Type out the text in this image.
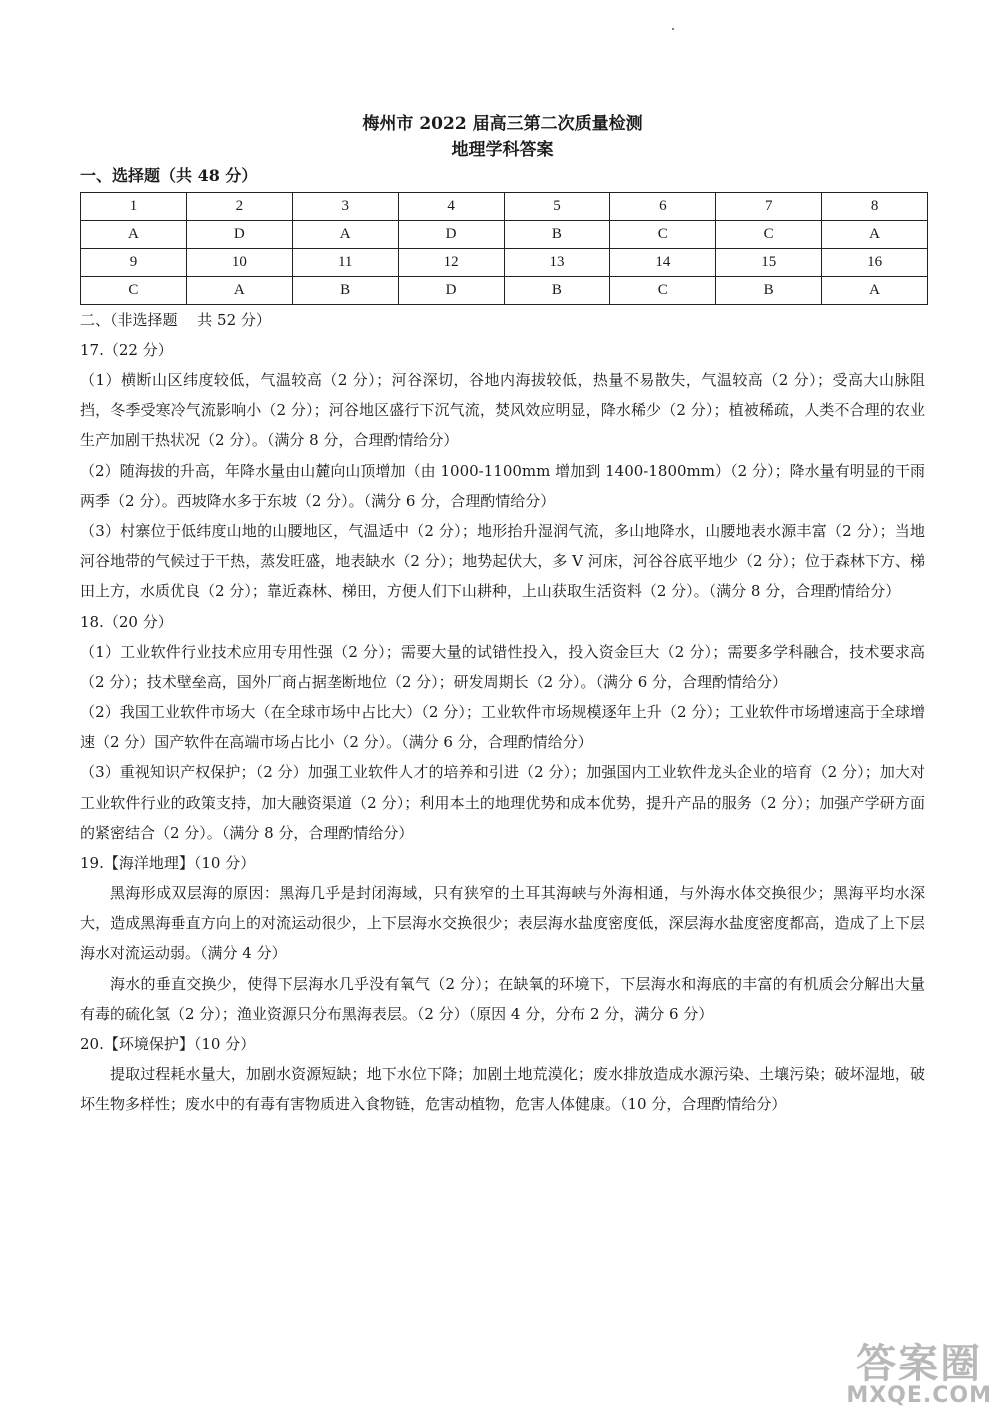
梅州市 2022 届高三第二次质量检测
地理学科答案
一、选择题（共 48 分）
1	2	3	4	5	6	7	8
A	D	A	D	B	C	C	A
9	10	11	12	13	14	15	16
C	A	B	D	B	C	B	A
二、（非选择题　 共 52 分）
17.（22 分）
（1）横断山区纬度较低，气温较高（2 分）；河谷深切，谷地内海拔较低，热量不易散失，气温较高（2 分）；受高大山脉阻挡，冬季受寒冷气流影响小（2 分）；河谷地区盛行下沉气流，焚风效应明显，降水稀少（2 分）；植被稀疏，人类不合理的农业生产加剧干热状况（2 分）。（满分 8 分，合理酌情给分）
（2）随海拔的升高，年降水量由山麓向山顶增加（由 1000-1100mm 增加到 1400-1800mm）（2 分）；降水量有明显的干雨两季（2 分）。西坡降水多于东坡（2 分）。（满分 6 分，合理酌情给分）
（3）村寨位于低纬度山地的山腰地区，气温适中（2 分）；地形抬升湿润气流，多山地降水，山腰地表水源丰富（2 分）；当地河谷地带的气候过于干热，蒸发旺盛，地表缺水（2 分）；地势起伏大，多 V 河床，河谷谷底平地少（2 分）；位于森林下方、梯田上方，水质优良（2 分）；靠近森林、梯田，方便人们下山耕种，上山获取生活资料（2 分）。（满分 8 分，合理酌情给分）
18.（20 分）
（1）工业软件行业技术应用专用性强（2 分）；需要大量的试错性投入，投入资金巨大（2 分）；需要多学科融合，技术要求高（2 分）；技术壁垒高，国外厂商占据垄断地位（2 分）；研发周期长（2 分）。（满分 6 分，合理酌情给分）
（2）我国工业软件市场大（在全球市场中占比大）（2 分）；工业软件市场规模逐年上升（2 分）；工业软件市场增速高于全球增速（2 分）国产软件在高端市场占比小（2 分）。（满分 6 分，合理酌情给分）
（3）重视知识产权保护；（2 分）加强工业软件人才的培养和引进（2 分）；加强国内工业软件龙头企业的培育（2 分）；加大对工业软件行业的政策支持，加大融资渠道（2 分）；利用本土的地理优势和成本优势，提升产品的服务（2 分）；加强产学研方面的紧密结合（2 分）。（满分 8 分，合理酌情给分）
19.【海洋地理】（10 分）
黑海形成双层海的原因：黑海几乎是封闭海域，只有狭窄的土耳其海峡与外海相通，与外海水体交换很少；黑海平均水深大，造成黑海垂直方向上的对流运动很少，上下层海水交换很少；表层海水盐度密度低，深层海水盐度密度都高，造成了上下层海水对流运动弱。（满分 4 分）
海水的垂直交换少，使得下层海水几乎没有氧气（2 分）；在缺氧的环境下，下层海水和海底的丰富的有机质会分解出大量有毒的硫化氢（2 分）；渔业资源只分布黑海表层。（2 分）（原因 4 分，分布 2 分，满分 6 分）
20.【环境保护】（10 分）
提取过程耗水量大，加剧水资源短缺；地下水位下降；加剧土地荒漠化；废水排放造成水源污染、土壤污染；破坏湿地，破坏生物多样性；废水中的有毒有害物质进入食物链，危害动植物，危害人体健康。（10 分，合理酌情给分）
答案圈
MXQE.COM
